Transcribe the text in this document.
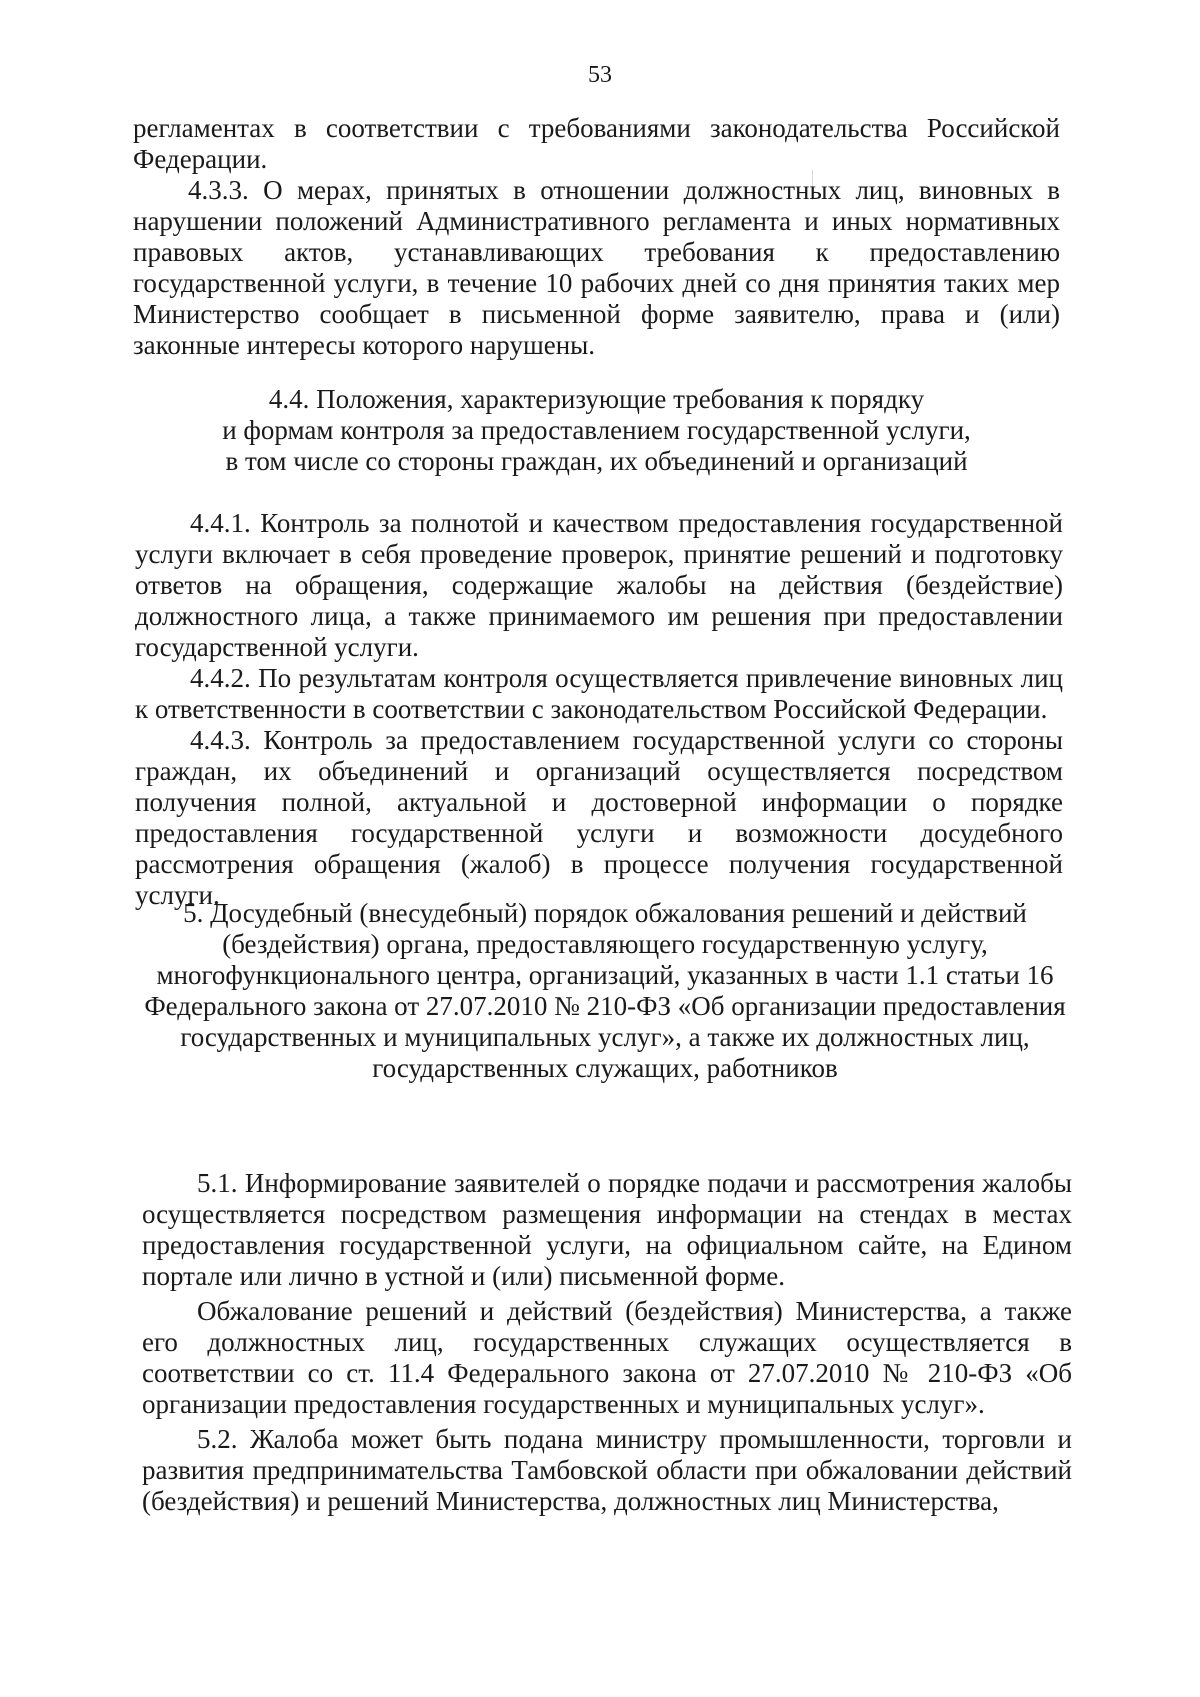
53

регламентах в соответствии с требованиями законодательства Российской Федерации.

4.3.3. О мерах, принятых в отношении должностных лиц, виновных в нарушении положений Административного регламента и иных нормативных правовых актов, устанавливающих требования к предоставлению государственной услуги, в течение 10 рабочих дней со дня принятия таких мер Министерство сообщает в письменной форме заявителю, права и (или) законные интересы которого нарушены.

4.4. Положения, характеризующие требования к порядку
и формам контроля за предоставлением государственной услуги,
в том числе со стороны граждан, их объединений и организаций

4.4.1. Контроль за полнотой и качеством предоставления государственной услуги включает в себя проведение проверок, принятие решений и подготовку ответов на обращения, содержащие жалобы на действия (бездействие) должностного лица, а также принимаемого им решения при предоставлении государственной услуги.

4.4.2. По результатам контроля осуществляется привлечение виновных лиц к ответственности в соответствии с законодательством Российской Федерации.

4.4.3. Контроль за предоставлением государственной услуги со стороны граждан, их объединений и организаций осуществляется посредством получения полной, актуальной и достоверной информации о порядке предоставления государственной услуги и возможности досудебного рассмотрения обращения (жалоб) в процессе получения государственной услуги.

5. Досудебный (внесудебный) порядок обжалования решений и действий
(бездействия) органа, предоставляющего государственную услугу,
многофункционального центра, организаций, указанных в части 1.1 статьи 16
Федерального закона от 27.07.2010 № 210-ФЗ «Об организации предоставления
государственных и муниципальных услуг», а также их должностных лиц,
государственных служащих, работников

5.1. Информирование заявителей о порядке подачи и рассмотрения жалобы осуществляется посредством размещения информации на стендах в местах предоставления государственной услуги, на официальном сайте, на Едином портале или лично в устной и (или) письменной форме.

Обжалование решений и действий (бездействия) Министерства, а также его должностных лиц, государственных служащих осуществляется в соответствии со ст. 11.4 Федерального закона от 27.07.2010 № 210-ФЗ «Об организации предоставления государственных и муниципальных услуг».

5.2. Жалоба может быть подана министру промышленности, торговли и развития предпринимательства Тамбовской области при обжаловании действий (бездействия) и решений Министерства, должностных лиц Министерства,
